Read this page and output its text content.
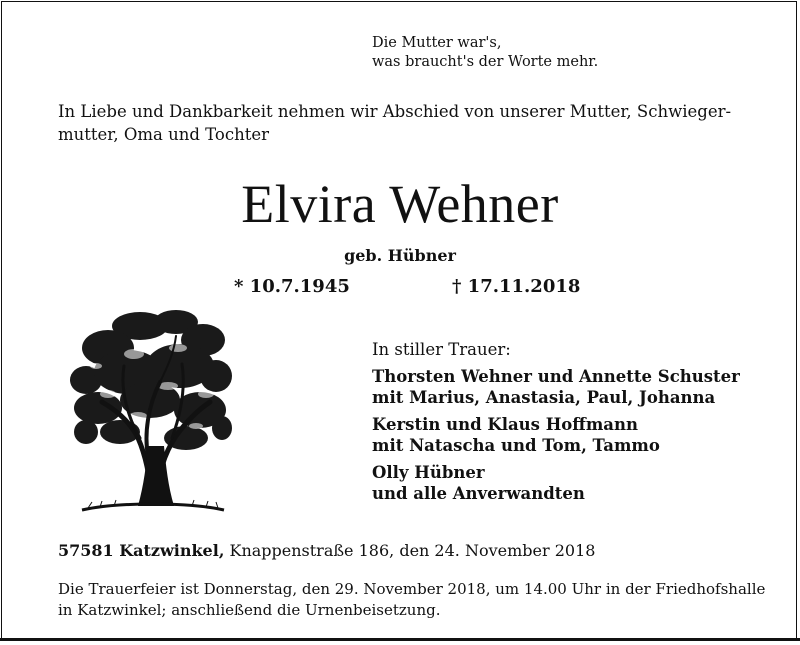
Die Mutter war's,
was braucht's der Worte mehr.
In Liebe und Dankbarkeit nehmen wir Abschied von unserer Mutter, Schwieger-
mutter, Oma und Tochter
Elvira Wehner
geb. Hübner
* 10.7.1945	† 17.11.2018
In stiller Trauer:
Thorsten Wehner und Annette Schuster
mit Marius, Anastasia, Paul, Johanna
Kerstin und Klaus Hoffmann
mit Natascha und Tom, Tammo
Olly Hübner
und alle Anverwandten
57581 Katzwinkel, Knappenstraße 186, den 24. November 2018
Die Trauerfeier ist Donnerstag, den 29. November 2018, um 14.00 Uhr in der Friedhofshalle
in Katzwinkel; anschließend die Urnenbeisetzung.
